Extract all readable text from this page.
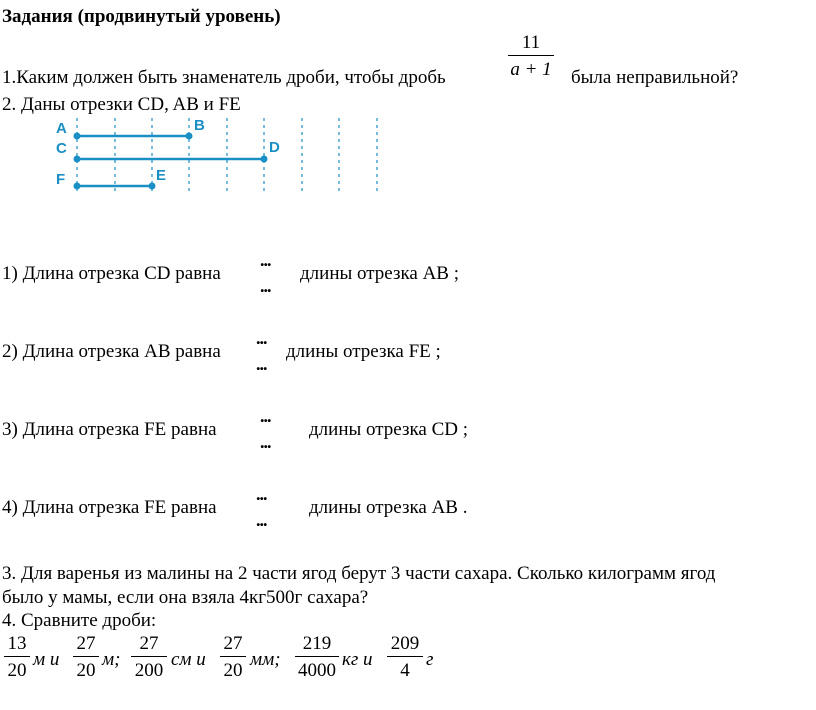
Задания (продвинутый уровень)
1.Каким должен быть знаменатель дроби, чтобы дробь
11
a + 1 была неправильной?
2. Даны отрезки CD, AB и FE
A	B
C	D
F	E
1) Длина отрезка CD равна
...
...
длины отрезка AB ;
2) Длина отрезка AB равна
...
...
длины отрезка FE ;
3) Длина отрезка FE равна
...
...
длины отрезка CD ;
4) Длина отрезка FE равна
...
...
длины отрезка AB .
3. Для варенья из малины на 2 части ягод берут 3 части сахара. Сколько килограмм ягод
было у мамы, если она взяла 4кг500г сахара?
4. Сравните дроби:
13
20
м и
27
20
м;
27
200
см и
27
20
мм;
219
4000
кг и
209
4
г
